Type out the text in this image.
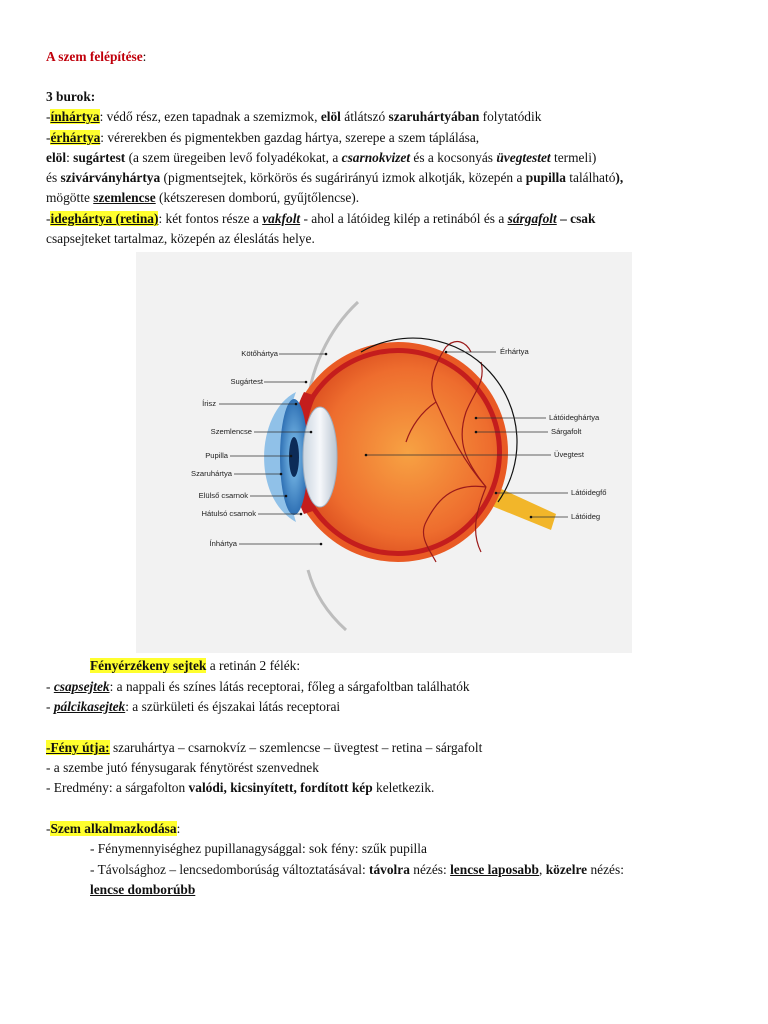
A szem felépítése:
3 burok:
-ínhártya: védő rész, ezen tapadnak a szemizmok, elöl átlátszó szaruhártyában folytatódik
-érhártya: vérerekben és pigmentekben gazdag hártya, szerepe a szem táplálása,
elöl: sugártest (a szem üregeiben levő folyadékokat, a csarnokvizet és a kocsonyás üvegtestet termeli)
és szivárványhártya (pigmentsejtek, körkörös és sugárirányú izmok alkotják, közepén a pupilla található),
mögötte szemlencse (kétszeresen domború, gyűjtőlencse).
-ideghártya (retina): két fontos része a vakfolt - ahol a látóideg kilép a retinából és a sárgafolt – csak
csapsejteket tartalmaz, közepén az éleslátás helye.
Kötőhártya
Sugártest
Írisz
Szemlencse
Pupilla
Szaruhártya
Elülső csarnok
Hátulsó csarnok
Ínhártya
Érhártya
Látóideghártya
Sárgafolt
Üvegtest
Látóidegfő
Látóideg
Fényérzékeny sejtek a retinán 2 félék:
- csapsejtek: a nappali és színes látás receptorai, főleg a sárgafoltban találhatók
- pálcikasejtek: a szürkületi és éjszakai látás receptorai
-Fény útja: szaruhártya – csarnokvíz – szemlencse – üvegtest – retina – sárgafolt
- a szembe jutó fénysugarak fénytörést szenvednek
- Eredmény: a sárgafolton valódi, kicsinyített, fordított kép keletkezik.
-Szem alkalmazkodása:
- Fénymennyiséghez pupillanagysággal: sok fény: szűk pupilla
- Távolsághoz – lencsedomborúság változtatásával: távolra nézés: lencse laposabb, közelre nézés:
lencse domborúbb
